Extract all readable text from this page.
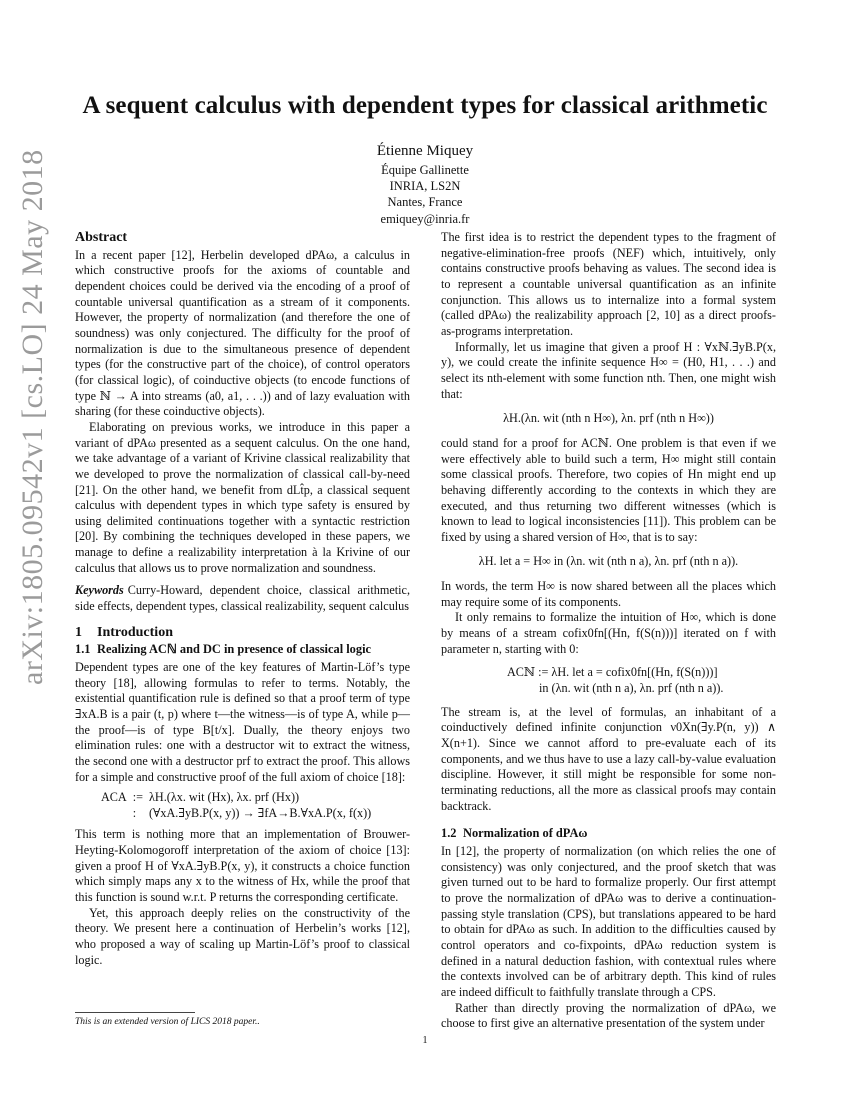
arXiv:1805.09542v1 [cs.LO] 24 May 2018
A sequent calculus with dependent types for classical arithmetic
Étienne Miquey
Équipe Gallinette
INRIA, LS2N
Nantes, France
emiquey@inria.fr
Abstract

In a recent paper [12], Herbelin developed dPAω, a calculus in which constructive proofs for the axioms of countable and dependent choices could be derived via the encoding of a proof of countable universal quantification as a stream of it components. However, the property of normalization (and therefore the one of soundness) was only conjectured. The difficulty for the proof of normalization is due to the simultaneous presence of dependent types (for the constructive part of the choice), of control operators (for classical logic), of coinductive objects (to encode functions of type ℕ → A into streams (a0, a1, . . .)) and of lazy evaluation with sharing (for these coinductive objects).

Elaborating on previous works, we introduce in this paper a variant of dPAω presented as a sequent calculus. On the one hand, we take advantage of a variant of Krivine classical realizability that we developed to prove the normalization of classical call-by-need [21]. On the other hand, we benefit from dLt̂p, a classical sequent calculus with dependent types in which type safety is ensured by using delimited continuations together with a syntactic restriction [20]. By combining the techniques developed in these papers, we manage to define a realizability interpretation à la Krivine of our calculus that allows us to prove normalization and soundness.

Keywords Curry-Howard, dependent choice, classical arithmetic, side effects, dependent types, classical realizability, sequent calculus

1 Introduction
1.1 Realizing ACℕ and DC in presence of classical logic

Dependent types are one of the key features of Martin-Löf’s type theory [18], allowing formulas to refer to terms. Notably, the existential quantification rule is defined so that a proof term of type ∃xA.B is a pair (t, p) where t—the witness—is of type A, while p—the proof—is of type B[t/x]. Dually, the theory enjoys two elimination rules: one with a destructor wit to extract the witness, the second one with a destructor prf to extract the proof. This allows for a simple and constructive proof of the full axiom of choice [18]:

ACA	:=	λH.(λx. wit (Hx), λx. prf (Hx))
	:	(∀xA.∃yB.P(x, y)) → ∃fA→B.∀xA.P(x, f(x))

This term is nothing more that an implementation of Brouwer-Heyting-Kolomogoroff interpretation of the axiom of choice [13]: given a proof H of ∀xA.∃yB.P(x, y), it constructs a choice function which simply maps any x to the witness of Hx, while the proof that this function is sound w.r.t. P returns the corresponding certificate.

Yet, this approach deeply relies on the constructivity of the theory. We present here a continuation of Herbelin’s works [12], who proposed a way of scaling up Martin-Löf’s proof to classical logic.

The first idea is to restrict the dependent types to the fragment of negative-elimination-free proofs (NEF) which, intuitively, only contains constructive proofs behaving as values. The second idea is to represent a countable universal quantification as an infinite conjunction. This allows us to internalize into a formal system (called dPAω) the realizability approach [2, 10] as a direct proofs-as-programs interpretation.

Informally, let us imagine that given a proof H : ∀xℕ.∃yB.P(x, y), we could create the infinite sequence H∞ = (H0, H1, . . .) and select its nth-element with some function nth. Then, one might wish that:

λH.(λn. wit (nth n H∞), λn. prf (nth n H∞))

could stand for a proof for ACℕ. One problem is that even if we were effectively able to build such a term, H∞ might still contain some classical proofs. Therefore, two copies of Hn might end up behaving differently according to the contexts in which they are executed, and thus returning two different witnesses (which is known to lead to logical inconsistencies [11]). This problem can be fixed by using a shared version of H∞, that is to say:

λH. let a = H∞ in (λn. wit (nth n a), λn. prf (nth n a)).

In words, the term H∞ is now shared between all the places which may require some of its components.

It only remains to formalize the intuition of H∞, which is done by means of a stream cofix0fn[(Hn, f(S(n)))] iterated on f with parameter n, starting with 0:

ACℕ := λH. let a = cofix0fn[(Hn, f(S(n)))]
in (λn. wit (nth n a), λn. prf (nth n a)).

The stream is, at the level of formulas, an inhabitant of a coinductively defined infinite conjunction ν0Xn(∃y.P(n, y)) ∧ X(n+1). Since we cannot afford to pre-evaluate each of its components, and we thus have to use a lazy call-by-value evaluation discipline. However, it still might be responsible for some non-terminating reductions, all the more as classical proofs may contain backtrack.

1.2 Normalization of dPAω

In [12], the property of normalization (on which relies the one of consistency) was only conjectured, and the proof sketch that was given turned out to be hard to formalize properly. Our first attempt to prove the normalization of dPAω was to derive a continuation-passing style translation (CPS), but translations appeared to be hard to obtain for dPAω as such. In addition to the difficulties caused by control operators and co-fixpoints, dPAω reduction system is defined in a natural deduction fashion, with contextual rules where the contexts involved can be of arbitrary depth. This kind of rules are indeed difficult to faithfully translate through a CPS.

Rather than directly proving the normalization of dPAω, we choose to first give an alternative presentation of the system under

This is an extended version of LICS 2018 paper..
1
